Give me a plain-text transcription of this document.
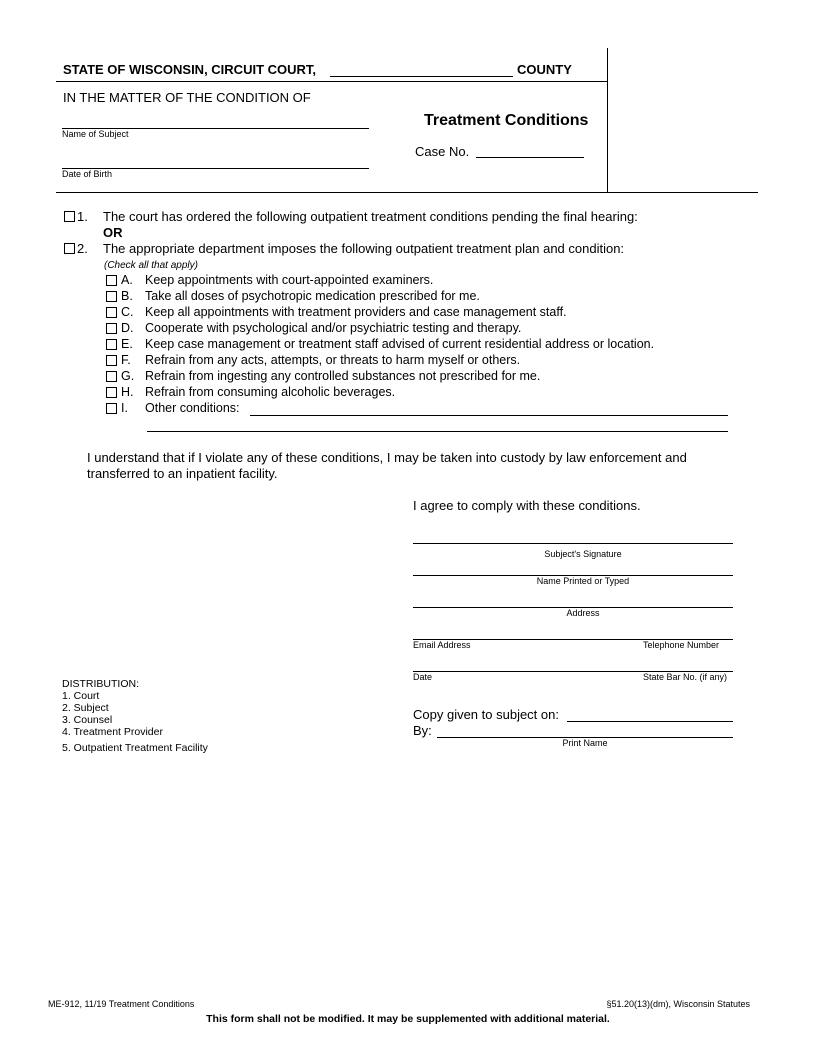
STATE OF WISCONSIN, CIRCUIT COURT,	COUNTY
IN THE MATTER OF THE CONDITION OF
Name of Subject
Date of Birth
Treatment Conditions
Case No.
1. The court has ordered the following outpatient treatment conditions pending the final hearing:
OR
2. The appropriate department imposes the following outpatient treatment plan and condition:
(Check all that apply)
A. Keep appointments with court-appointed examiners.
B. Take all doses of psychotropic medication prescribed for me.
C. Keep all appointments with treatment providers and case management staff.
D. Cooperate with psychological and/or psychiatric testing and therapy.
E. Keep case management or treatment staff advised of current residential address or location.
F. Refrain from any acts, attempts, or threats to harm myself or others.
G. Refrain from ingesting any controlled substances not prescribed for me.
H. Refrain from consuming alcoholic beverages.
I. Other conditions:
I understand that if I violate any of these conditions, I may be taken into custody by law enforcement and
transferred to an inpatient facility.
I agree to comply with these conditions.
Subject's Signature
Name Printed or Typed
Address
Email Address	Telephone Number
Date	State Bar No. (if any)
DISTRIBUTION:
1. Court
2. Subject
3. Counsel
4. Treatment Provider
5. Outpatient Treatment Facility
Copy given to subject on:
By:
Print Name
ME-912, 11/19 Treatment Conditions	§51.20(13)(dm), Wisconsin Statutes
This form shall not be modified. It may be supplemented with additional material.
